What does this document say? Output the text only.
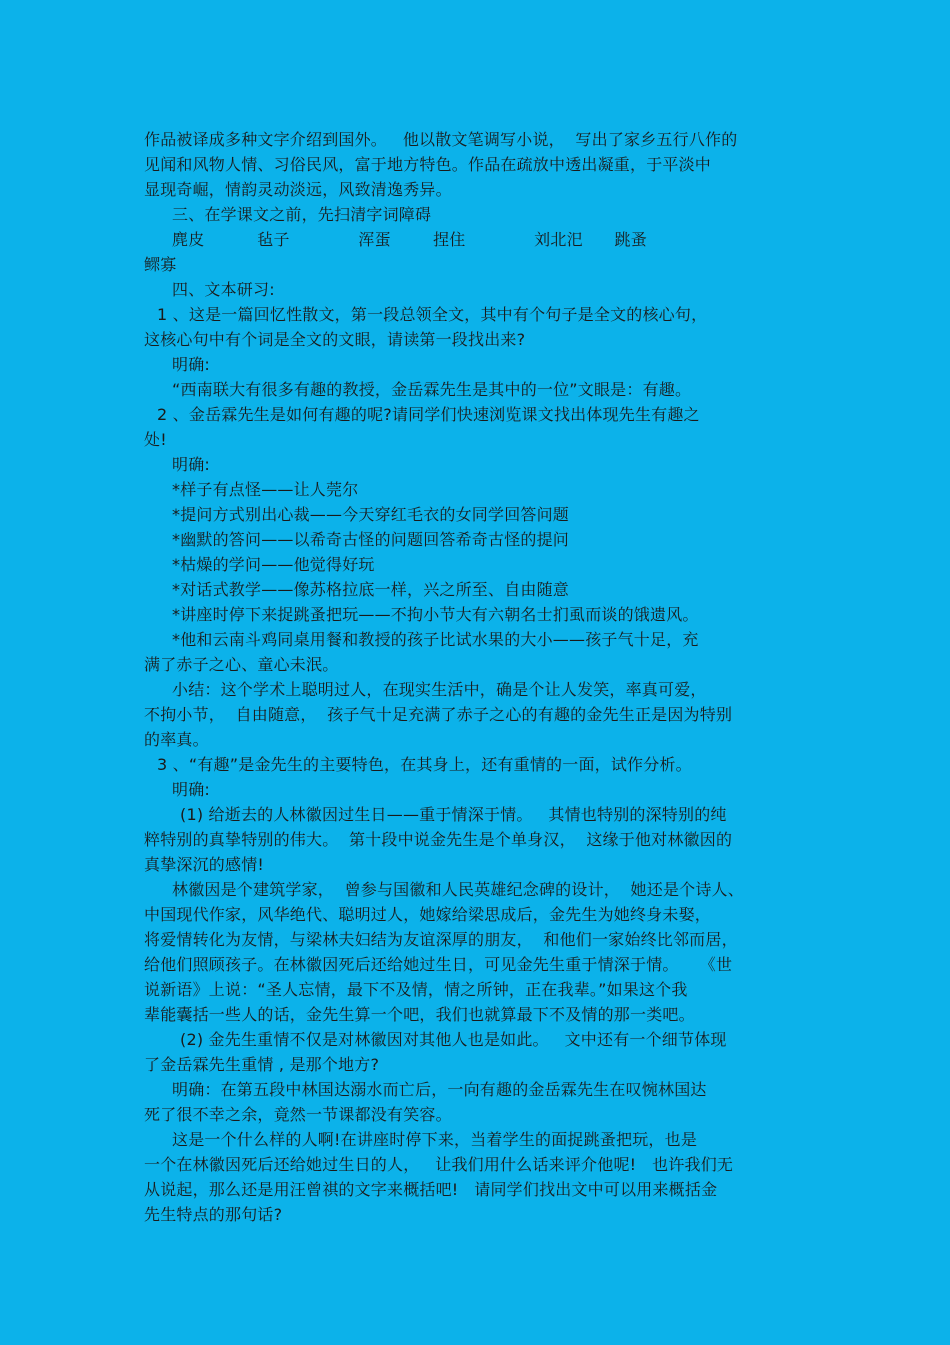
作品被译成多种文字介绍到国外。   他以散文笔调写小说，  写出了家乡五行八作的
见闻和风物人情、习俗民风，富于地方特色。作品在疏放中透出凝重，于平淡中
显现奇崛，情韵灵动淡远，风致清逸秀异。
三、在学课文之前，先扫清字词障碍
麂皮          毡子             浑蛋        捏住             刘北汜      跳蚤
鳏寡
四、文本研习:
1 、这是一篇回忆性散文，第一段总领全文，其中有个句子是全文的核心句，
这核心句中有个词是全文的文眼，请读第一段找出来?
明确:
“西南联大有很多有趣的教授，金岳霖先生是其中的一位”文眼是：有趣。
2 、金岳霖先生是如何有趣的呢?请同学们快速浏览课文找出体现先生有趣之
处!
明确:
*样子有点怪——让人莞尔
*提问方式别出心裁——今天穿红毛衣的女同学回答问题
*幽默的答问——以希奇古怪的问题回答希奇古怪的提问
*枯燥的学问——他觉得好玩
*对话式教学——像苏格拉底一样，兴之所至、自由随意
*讲座时停下来捉跳蚤把玩——不拘小节大有六朝名士扪虱而谈的饿遗风。
*他和云南斗鸡同桌用餐和教授的孩子比试水果的大小——孩子气十足，充
满了赤子之心、童心未泯。
小结：这个学术上聪明过人，在现实生活中，确是个让人发笑，率真可爱，
不拘小节，  自由随意，  孩子气十足充满了赤子之心的有趣的金先生正是因为特别
的率真。
3 、“有趣”是金先生的主要特色，在其身上，还有重情的一面，试作分析。
明确:
(1) 给逝去的人林徽因过生日——重于情深于情。   其情也特别的深特别的纯
粹特别的真挚特别的伟大。  第十段中说金先生是个单身汉，  这缘于他对林徽因的
真挚深沉的感情!
林徽因是个建筑学家，  曾参与国徽和人民英雄纪念碑的设计，  她还是个诗人、
中国现代作家，风华绝代、聪明过人，她嫁给梁思成后，金先生为她终身未娶，
将爱情转化为友情，与梁林夫妇结为友谊深厚的朋友，  和他们一家始终比邻而居，
给他们照顾孩子。在林徽因死后还给她过生日，可见金先生重于情深于情。    《世
说新语》上说：“圣人忘情，最下不及情，情之所钟，正在我辈。”如果这个我
辈能囊括一些人的话，金先生算一个吧，我们也就算最下不及情的那一类吧。
(2) 金先生重情不仅是对林徽因对其他人也是如此。   文中还有一个细节体现
了金岳霖先生重情 , 是那个地方?
明确：在第五段中林国达溺水而亡后，一向有趣的金岳霖先生在叹惋林国达
死了很不幸之余，竟然一节课都没有笑容。
这是一个什么样的人啊!在讲座时停下来，当着学生的面捉跳蚤把玩，也是
一个在林徽因死后还给她过生日的人，   让我们用什么话来评介他呢!   也许我们无
从说起，那么还是用汪曾祺的文字来概括吧!   请同学们找出文中可以用来概括金
先生特点的那句话?
